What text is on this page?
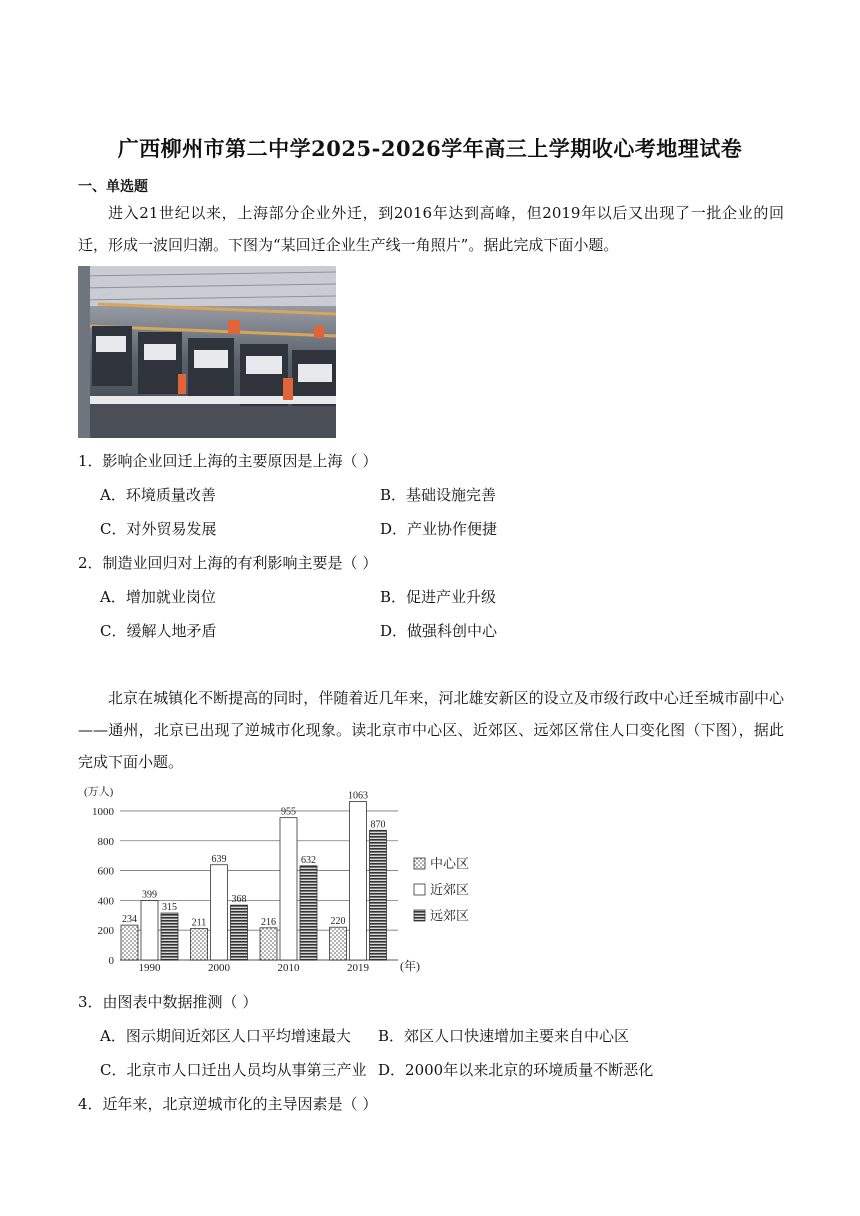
广西柳州市第二中学2025-2026学年高三上学期收心考地理试卷
一、单选题
进入21世纪以来，上海部分企业外迁，到2016年达到高峰，但2019年以后又出现了一批企业的回迁，形成一波回归潮。下图为“某回迁企业生产线一角照片”。据此完成下面小题。
1．影响企业回迁上海的主要原因是上海（ ）
A．环境质量改善	B．基础设施完善
C．对外贸易发展	D．产业协作便捷
2．制造业回归对上海的有利影响主要是（ ）
A．增加就业岗位	B．促进产业升级
C．缓解人地矛盾	D．做强科创中心
北京在城镇化不断提高的同时，伴随着近几年来，河北雄安新区的设立及市级行政中心迁至城市副中心——通州，北京已出现了逆城市化现象。读北京市中心区、近郊区、远郊区常住人口变化图（下图），据此完成下面小题。
(万人)
0
200
400
600
800
1000
(年)
234
399
315
1990
211
639
368
2000
216
955
632
2010
220
1063
870
2019
中心区
近郊区
远郊区
3．由图表中数据推测（ ）
A．图示期间近郊区人口平均增速最大 B．郊区人口快速增加主要来自中心区
C．北京市人口迁出人员均从事第三产业 D．2000年以来北京的环境质量不断恶化
4．近年来，北京逆城市化的主导因素是（ ）
